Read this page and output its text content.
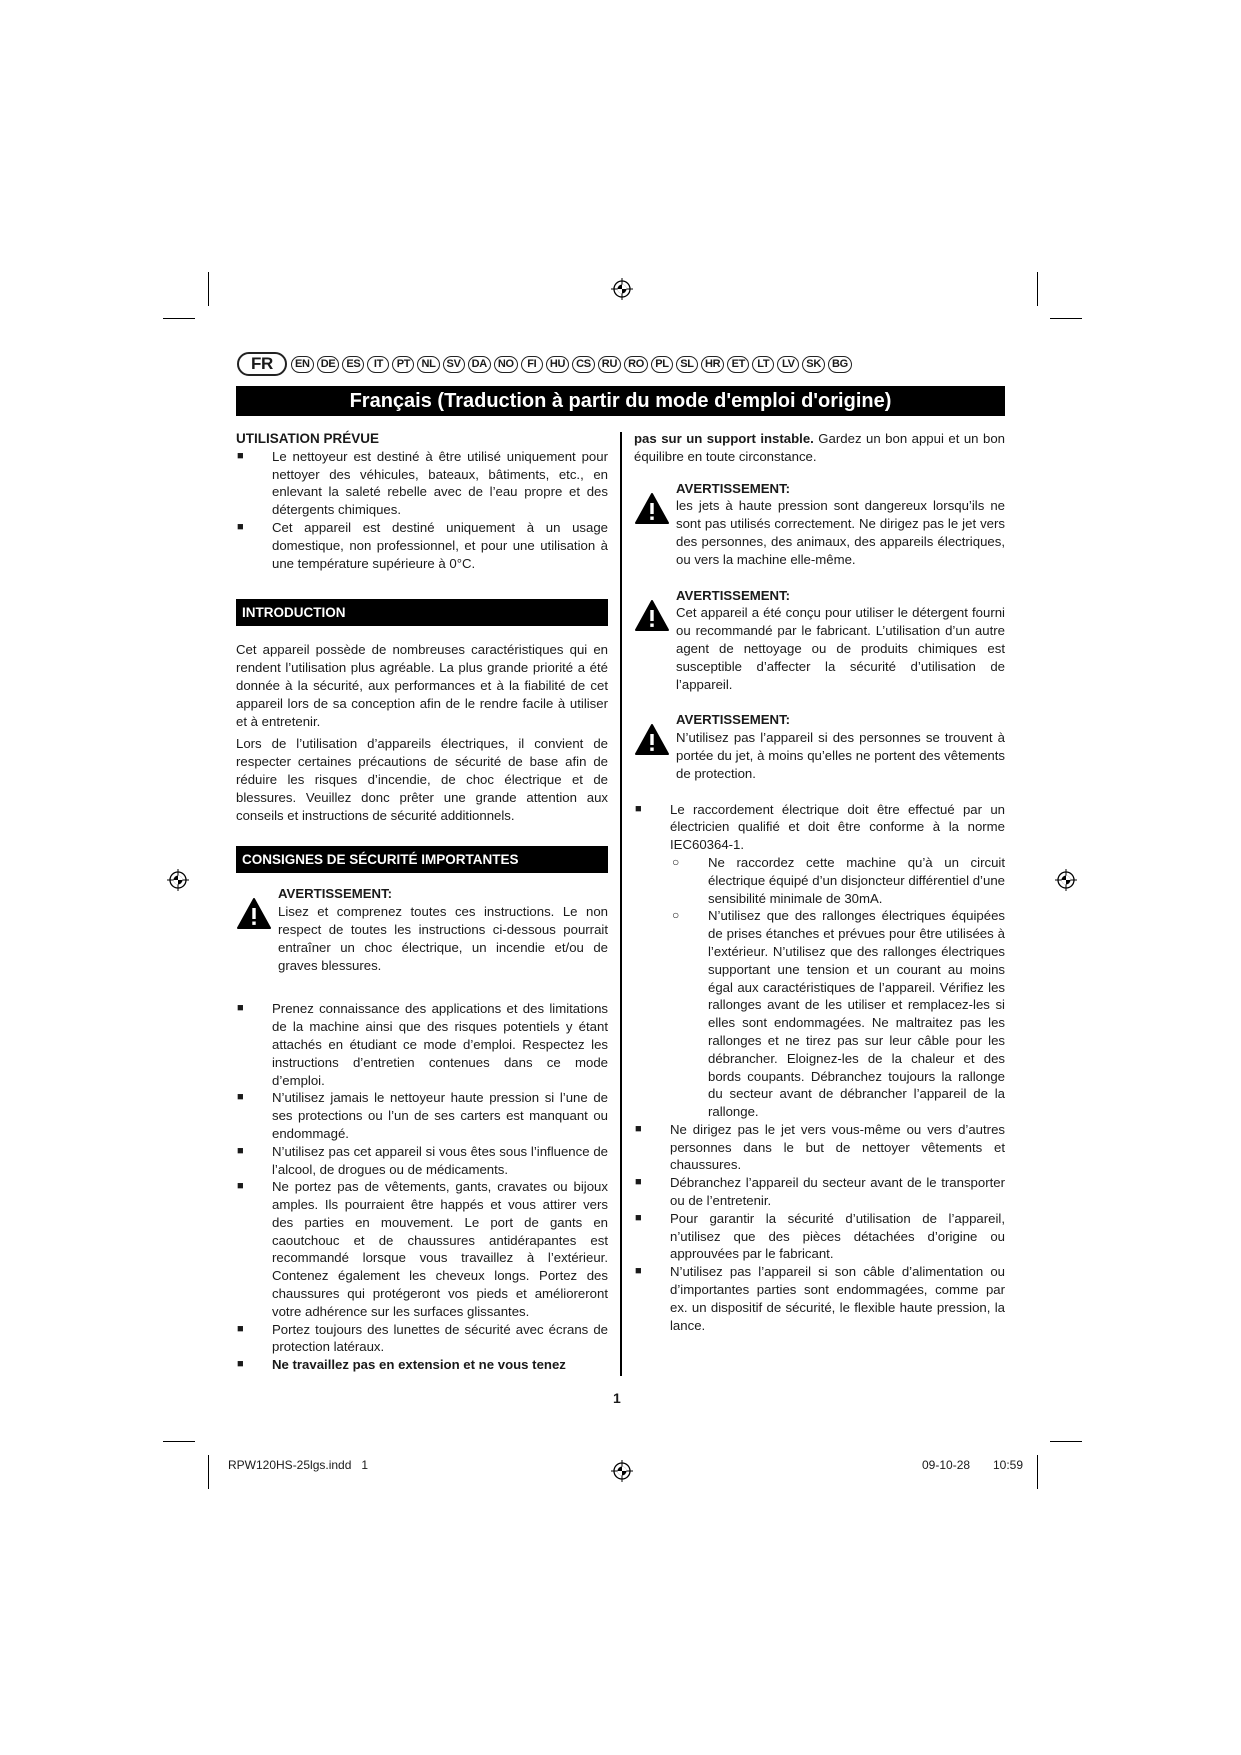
FR	EN	DE	ES	IT	PT	NL	SV	DA	NO	FI	HU	CS	RU	RO	PL	SL	HR	ET	LT	LV	SK	BG
Français (Traduction à partir du mode d'emploi d'origine)
UTILISATION PRÉVUE
■ Le nettoyeur est destiné à être utilisé uniquement pour nettoyer des véhicules, bateaux, bâtiments, etc., en enlevant la saleté rebelle avec de l’eau propre et des détergents chimiques.
■ Cet appareil est destiné uniquement à un usage domestique, non professionnel, et pour une utilisation à une température supérieure à 0°C.
INTRODUCTION

Cet appareil possède de nombreuses caractéristiques qui en rendent l’utilisation plus agréable. La plus grande priorité a été donnée à la sécurité, aux performances et à la fiabilité de cet appareil lors de sa conception afin de le rendre facile à utiliser et à entretenir.

Lors de l’utilisation d’appareils électriques, il convient de respecter certaines précautions de sécurité de base afin de réduire les risques d’incendie, de choc électrique et de blessures. Veuillez donc prêter une grande attention aux conseils et instructions de sécurité additionnels.

CONSIGNES DE SÉCURITÉ IMPORTANTES
AVERTISSEMENT:

Lisez et comprenez toutes ces instructions. Le non respect de toutes les instructions ci-dessous pourrait entraîner un choc électrique, un incendie et/ou de graves blessures.

■ Prenez connaissance des applications et des limitations de la machine ainsi que des risques potentiels y étant attachés en étudiant ce mode d’emploi. Respectez les instructions d’entretien contenues dans ce mode d’emploi.
■ N’utilisez jamais le nettoyeur haute pression si l’une de ses protections ou l’un de ses carters est manquant ou endommagé.
■ N’utilisez pas cet appareil si vous êtes sous l’influence de l’alcool, de drogues ou de médicaments.
■ Ne portez pas de vêtements, gants, cravates ou bijoux amples. Ils pourraient être happés et vous attirer vers des parties en mouvement. Le port de gants en caoutchouc et de chaussures antidérapantes est recommandé lorsque vous travaillez à l’extérieur. Contenez également les cheveux longs. Portez des chaussures qui protégeront vos pieds et amélioreront votre adhérence sur les surfaces glissantes.
■ Portez toujours des lunettes de sécurité avec écrans de protection latéraux.
■ Ne travaillez pas en extension et ne vous tenez

pas sur un support instable. Gardez un bon appui et un bon équilibre en toute circonstance.

AVERTISSEMENT:

les jets à haute pression sont dangereux lorsqu’ils ne sont pas utilisés correctement. Ne dirigez pas le jet vers des personnes, des animaux, des appareils électriques, ou vers la machine elle-même.

AVERTISSEMENT:

Cet appareil a été conçu pour utiliser le détergent fourni ou recommandé par le fabricant. L’utilisation d’un autre agent de nettoyage ou de produits chimiques est susceptible d’affecter la sécurité d’utilisation de l’appareil.

AVERTISSEMENT:

N’utilisez pas l’appareil si des personnes se trouvent à portée du jet, à moins qu’elles ne portent des vêtements de protection.

■ Le raccordement électrique doit être effectué par un électricien qualifié et doit être conforme à la norme IEC60364-1.
○ Ne raccordez cette machine qu’à un circuit électrique équipé d’un disjoncteur différentiel d’une sensibilité minimale de 30mA.
○ N’utilisez que des rallonges électriques équipées de prises étanches et prévues pour être utilisées à l’extérieur. N’utilisez que des rallonges électriques supportant une tension et un courant au moins égal aux caractéristiques de l’appareil. Vérifiez les rallonges avant de les utiliser et remplacez-les si elles sont endommagées. Ne maltraitez pas les rallonges et ne tirez pas sur leur câble pour les débrancher. Eloignez-les de la chaleur et des bords coupants. Débranchez toujours la rallonge du secteur avant de débrancher l’appareil de la rallonge.
■ Ne dirigez pas le jet vers vous-même ou vers d’autres personnes dans le but de nettoyer vêtements et chaussures.
■ Débranchez l’appareil du secteur avant de le transporter ou de l’entretenir.
■ Pour garantir la sécurité d’utilisation de l’appareil, n’utilisez que des pièces détachées d’origine ou approuvées par le fabricant.
■ N’utilisez pas l’appareil si son câble d’alimentation ou d’importantes parties sont endommagées, comme par ex. un dispositif de sécurité, le flexible haute pression, la lance.
1
RPW120HS-25lgs.indd   1	09-10-28 10:59
